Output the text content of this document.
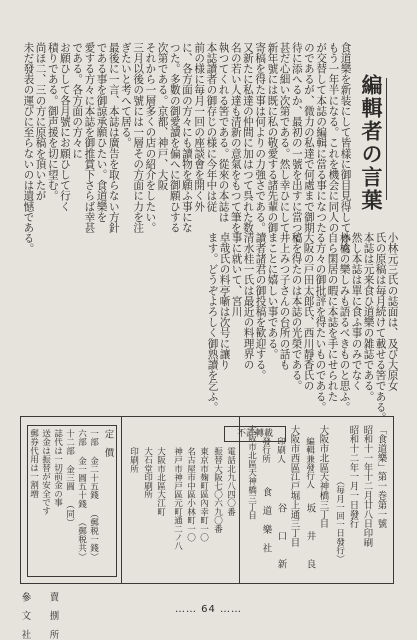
編輯者の言葉
食道樂を新装にして皆樣に御目見得してから
もう一年半になる。これを機会に同人の
が交替して本誌の編輯に當る事になつた
のであるが、微力の私達で何處まで御期
待に添へるか、最初の一號を出すに當つて
甚だ心細い次第である。然し幸ひにして
新年號には既に私の敬愛する諸先輩の御
寄稿を得た事は何よりの力強さである。
又新たに私達の仲間に加はつて呉れた数
名の若い人達も清新の意氣をもつて筆を
執つてくれる筈である。從來の本誌は
本誌讀者の御存じの様に今年中は従
前の様に毎月一回の座談會を開く外
に、各方面の方々にも讀物を願ふ事にな
つた。多數の御愛讀を偏へに御願ひする
次第である。京都、神戸、大阪
それから一層多くの店の紹介をしたい。
三月以後の號には一層その方面に力を注
ぎたいと考へて居る。
最後に一言、本誌は廣告を取らない方針
である事を御諒承願ひたい。食道樂を
愛する方々に本誌を御推賞下さらば幸甚
である。各方面の方々に
お願ひして各月號にお願ひして行く
積りである。御声援を切に望む。
尚ほ二、三の方に原稿を頂いたが
未だ發表の運びに至らないのは遺憾である。
小林元三氏の誌面は、及び大原女
氏の原稿は毎月続けて載せる筈である。
本誌は元来食ひ道樂の雑誌である。
然し本誌は單に食ふ事のみでなく
林檎の樂しみも語るべきものと思ふ。
自ら閑居の暇に本誌を手にせられた
る方々の御批評を得たいものである。
大阪の戸田太郎氏、西川靜香氏の
稿を得たのは本誌の光榮である。
井上みつ子さんの台所の話も
まことに嬉しい事である。
讀者諸君の御投稿を歓迎する。
清水桂一氏は最近の料理界の
事に就いて、宮川
卓哉氏の料亭噺は次号に讓り
ます。どうぞよろしく御熟讀を乞ふ。
「食道樂」第一巻第一號
昭和十一年十二月廿八日印刷
昭和十二年一月一日發行
（毎月一回一日發行）
大阪市北區天神橋三丁目
編輯兼發行人
坂　　井　　良
大阪市西區江戸堀上通三丁目
印刷人
谷　　口　　新
發行所
食　道　樂　社
大阪市北區天神橋三丁目
不許轉載
電話北九八四〇番
振替大阪七〇六九〇番
東京市麹町區內幸町一〇
名古屋市中區小林町一〇
神戸市神戸區元町通二ノ八
大阪市北區大江町
大石堂印刷所
印刷所
定　價
一部 金二十五錢 （郵税一錢）
六部 金一圓五十錢 （郵税共）
十二部 金三圓 （同）
誌代は一切前金の事
送金は振替が安全です
郵券代用は一割増
賣　捌　所
參　文　社	…… 64 ……
